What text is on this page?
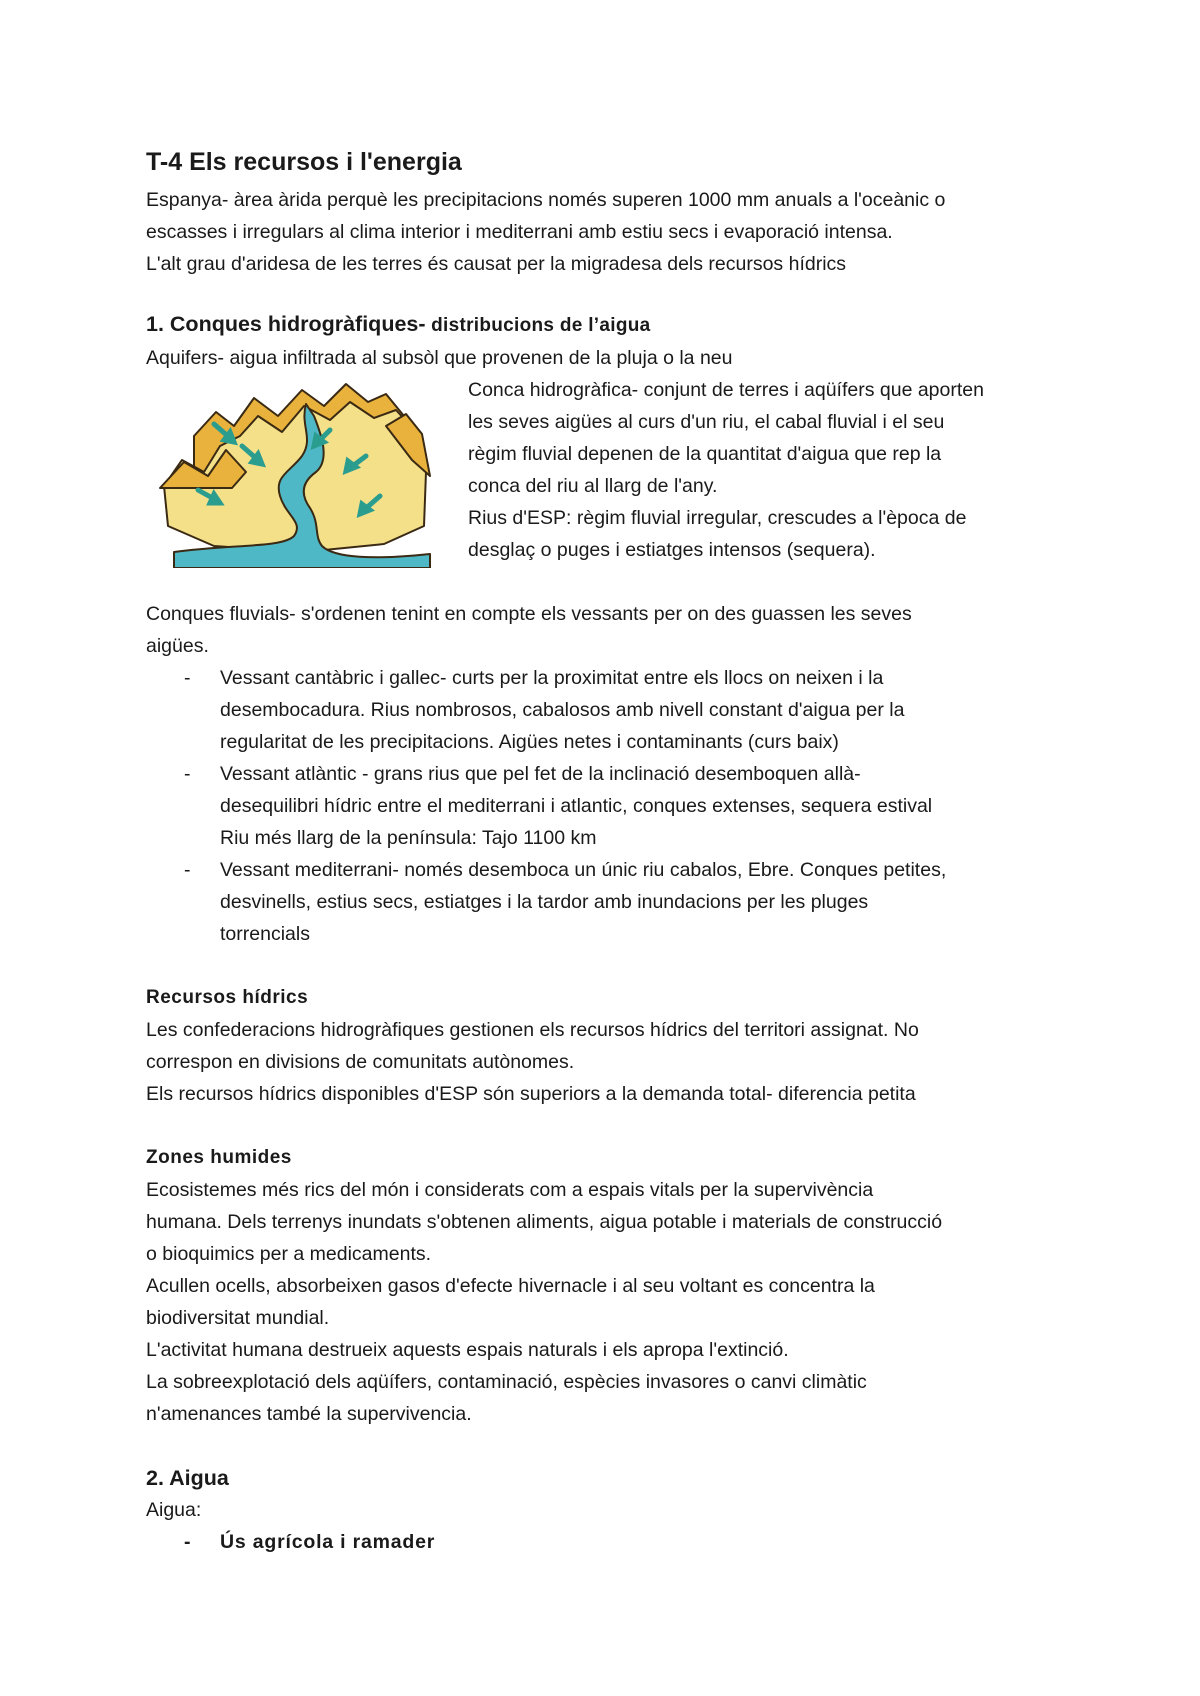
T-4 Els recursos i l'energia

Espanya- àrea àrida perquè les precipitacions només superen 1000 mm anuals a l'oceànic o

escasses i irregulars al clima interior i mediterrani amb estiu secs i evaporació intensa.

L'alt grau d'aridesa de les terres és causat per la migradesa dels recursos hídrics

1. Conques hidrogràfiques- distribucions de l’aigua

Aquifers- aigua infiltrada al subsòl que provenen de la pluja o la neu

Conca hidrogràfica- conjunt de terres i aqüífers que aporten

les seves aigües al curs d'un riu, el cabal fluvial i el seu

règim fluvial depenen de la quantitat d'aigua que rep la

conca del riu al llarg de l'any.

Rius d'ESP: règim fluvial irregular, crescudes a l'època de

desglaç o puges i estiatges intensos (sequera).

Conques fluvials- s'ordenen tenint en compte els vessants per on des guassen les seves

aigües.

- Vessant cantàbric i gallec- curts per la proximitat entre els llocs on neixen i la

desembocadura. Rius nombrosos, cabalosos amb nivell constant d'aigua per la

regularitat de les precipitacions. Aigües netes i contaminants (curs baix)

- Vessant atlàntic - grans rius que pel fet de la inclinació desemboquen allà-

desequilibri hídric entre el mediterrani i atlantic, conques extenses, sequera estival

Riu més llarg de la península: Tajo 1100 km

- Vessant mediterrani- només desemboca un únic riu cabalos, Ebre. Conques petites,

desvinells, estius secs, estiatges i la tardor amb inundacions per les pluges

torrencials

Recursos hídrics

Les confederacions hidrogràfiques gestionen els recursos hídrics del territori assignat. No

correspon en divisions de comunitats autònomes.

Els recursos hídrics disponibles d'ESP són superiors a la demanda total- diferencia petita

Zones humides

Ecosistemes més rics del món i considerats com a espais vitals per la supervivència

humana. Dels terrenys inundats s'obtenen aliments, aigua potable i materials de construcció

o bioquimics per a medicaments.

Acullen ocells, absorbeixen gasos d'efecte hivernacle i al seu voltant es concentra la

biodiversitat mundial.

L'activitat humana destrueix aquests espais naturals i els apropa l'extinció.

La sobreexplotació dels aqüífers, contaminació, espècies invasores o canvi climàtic

n'amenances també la supervivencia.

2. Aigua

Aigua:

- Ús agrícola i ramader
